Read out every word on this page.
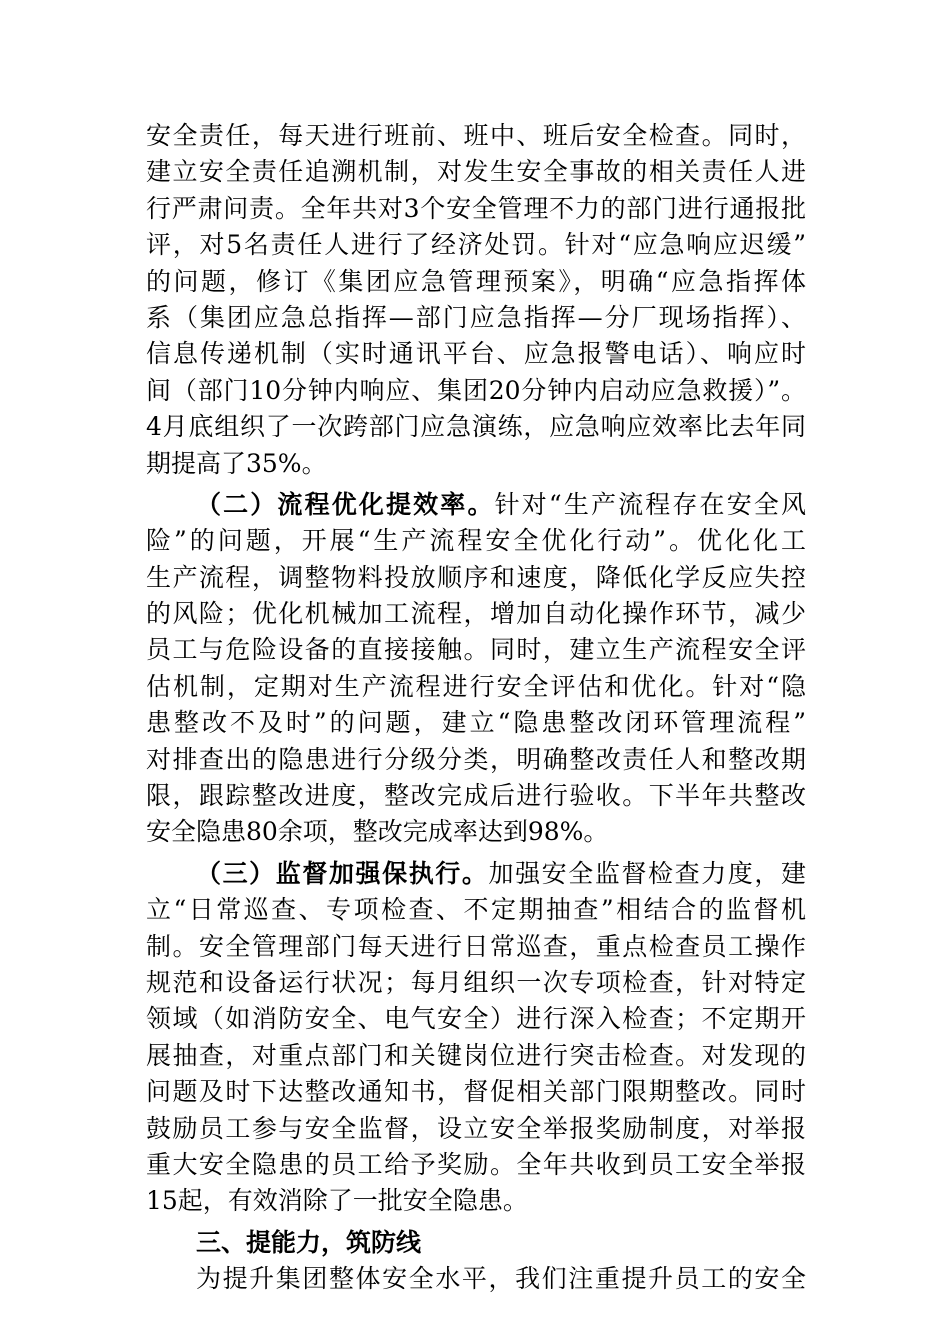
安全责任，每天进行班前、班中、班后安全检查。同时，
建立安全责任追溯机制，对发生安全事故的相关责任人进
行严肃问责。全年共对3个安全管理不力的部门进行通报批
评，对5名责任人进行了经济处罚。针对“应急响应迟缓”
的问题，修订《集团应急管理预案》，明确“应急指挥体
系（集团应急总指挥—部门应急指挥—分厂现场指挥）、
信息传递机制（实时通讯平台、应急报警电话）、响应时
间（部门10分钟内响应、集团20分钟内启动应急救援）”。
4月底组织了一次跨部门应急演练，应急响应效率比去年同
期提高了35%。
（二）流程优化提效率。针对“生产流程存在安全风
险”的问题，开展“生产流程安全优化行动”。优化化工
生产流程，调整物料投放顺序和速度，降低化学反应失控
的风险；优化机械加工流程，增加自动化操作环节，减少
员工与危险设备的直接接触。同时，建立生产流程安全评
估机制，定期对生产流程进行安全评估和优化。针对“隐
患整改不及时”的问题，建立“隐患整改闭环管理流程”
对排查出的隐患进行分级分类，明确整改责任人和整改期
限，跟踪整改进度，整改完成后进行验收。下半年共整改
安全隐患80余项，整改完成率达到98%。
（三）监督加强保执行。加强安全监督检查力度，建
立“日常巡查、专项检查、不定期抽查”相结合的监督机
制。安全管理部门每天进行日常巡查，重点检查员工操作
规范和设备运行状况；每月组织一次专项检查，针对特定
领域（如消防安全、电气安全）进行深入检查；不定期开
展抽查，对重点部门和关键岗位进行突击检查。对发现的
问题及时下达整改通知书，督促相关部门限期整改。同时
鼓励员工参与安全监督，设立安全举报奖励制度，对举报
重大安全隐患的员工给予奖励。全年共收到员工安全举报
15起，有效消除了一批安全隐患。
三、提能力，筑防线
为提升集团整体安全水平，我们注重提升员工的安全
